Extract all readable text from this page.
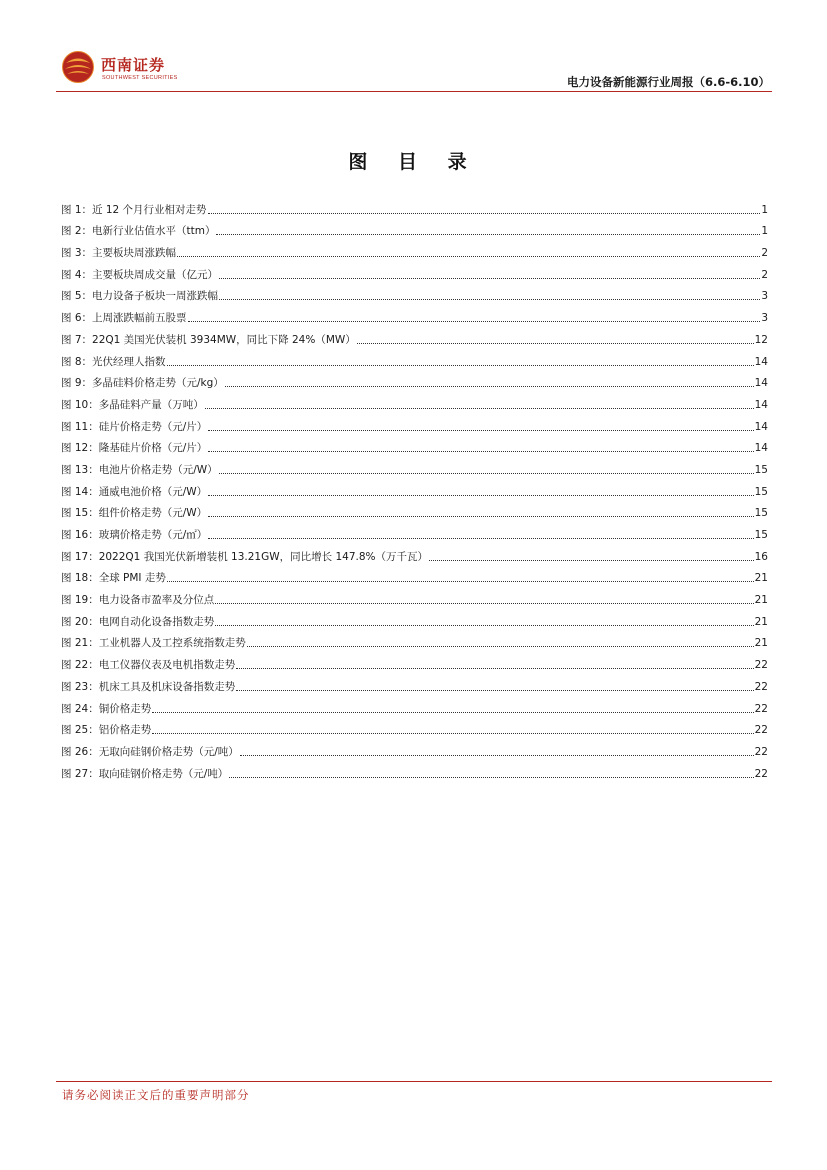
西南证券
SOUTHWEST SECURITIES	电力设备新能源行业周报（6.6-6.10）
图 目 录
图 1：近 12 个月行业相对走势	1
图 2：电新行业估值水平（ttm）	1
图 3：主要板块周涨跌幅	2
图 4：主要板块周成交量（亿元）	2
图 5：电力设备子板块一周涨跌幅	3
图 6：上周涨跌幅前五股票	3
图 7：22Q1 美国光伏装机 3934MW，同比下降 24%（MW）	12
图 8：光伏经理人指数	14
图 9：多晶硅料价格走势（元/kg）	14
图 10：多晶硅料产量（万吨）	14
图 11：硅片价格走势（元/片）	14
图 12：隆基硅片价格（元/片）	14
图 13：电池片价格走势（元/W）	15
图 14：通威电池价格（元/W）	15
图 15：组件价格走势（元/W）	15
图 16：玻璃价格走势（元/㎡）	15
图 17：2022Q1 我国光伏新增装机 13.21GW，同比增长 147.8%（万千瓦）	16
图 18：全球 PMI 走势	21
图 19：电力设备市盈率及分位点	21
图 20：电网自动化设备指数走势	21
图 21：工业机器人及工控系统指数走势	21
图 22：电工仪器仪表及电机指数走势	22
图 23：机床工具及机床设备指数走势	22
图 24：铜价格走势	22
图 25：铝价格走势	22
图 26：无取向硅钢价格走势（元/吨）	22
图 27：取向硅钢价格走势（元/吨）	22
请务必阅读正文后的重要声明部分
